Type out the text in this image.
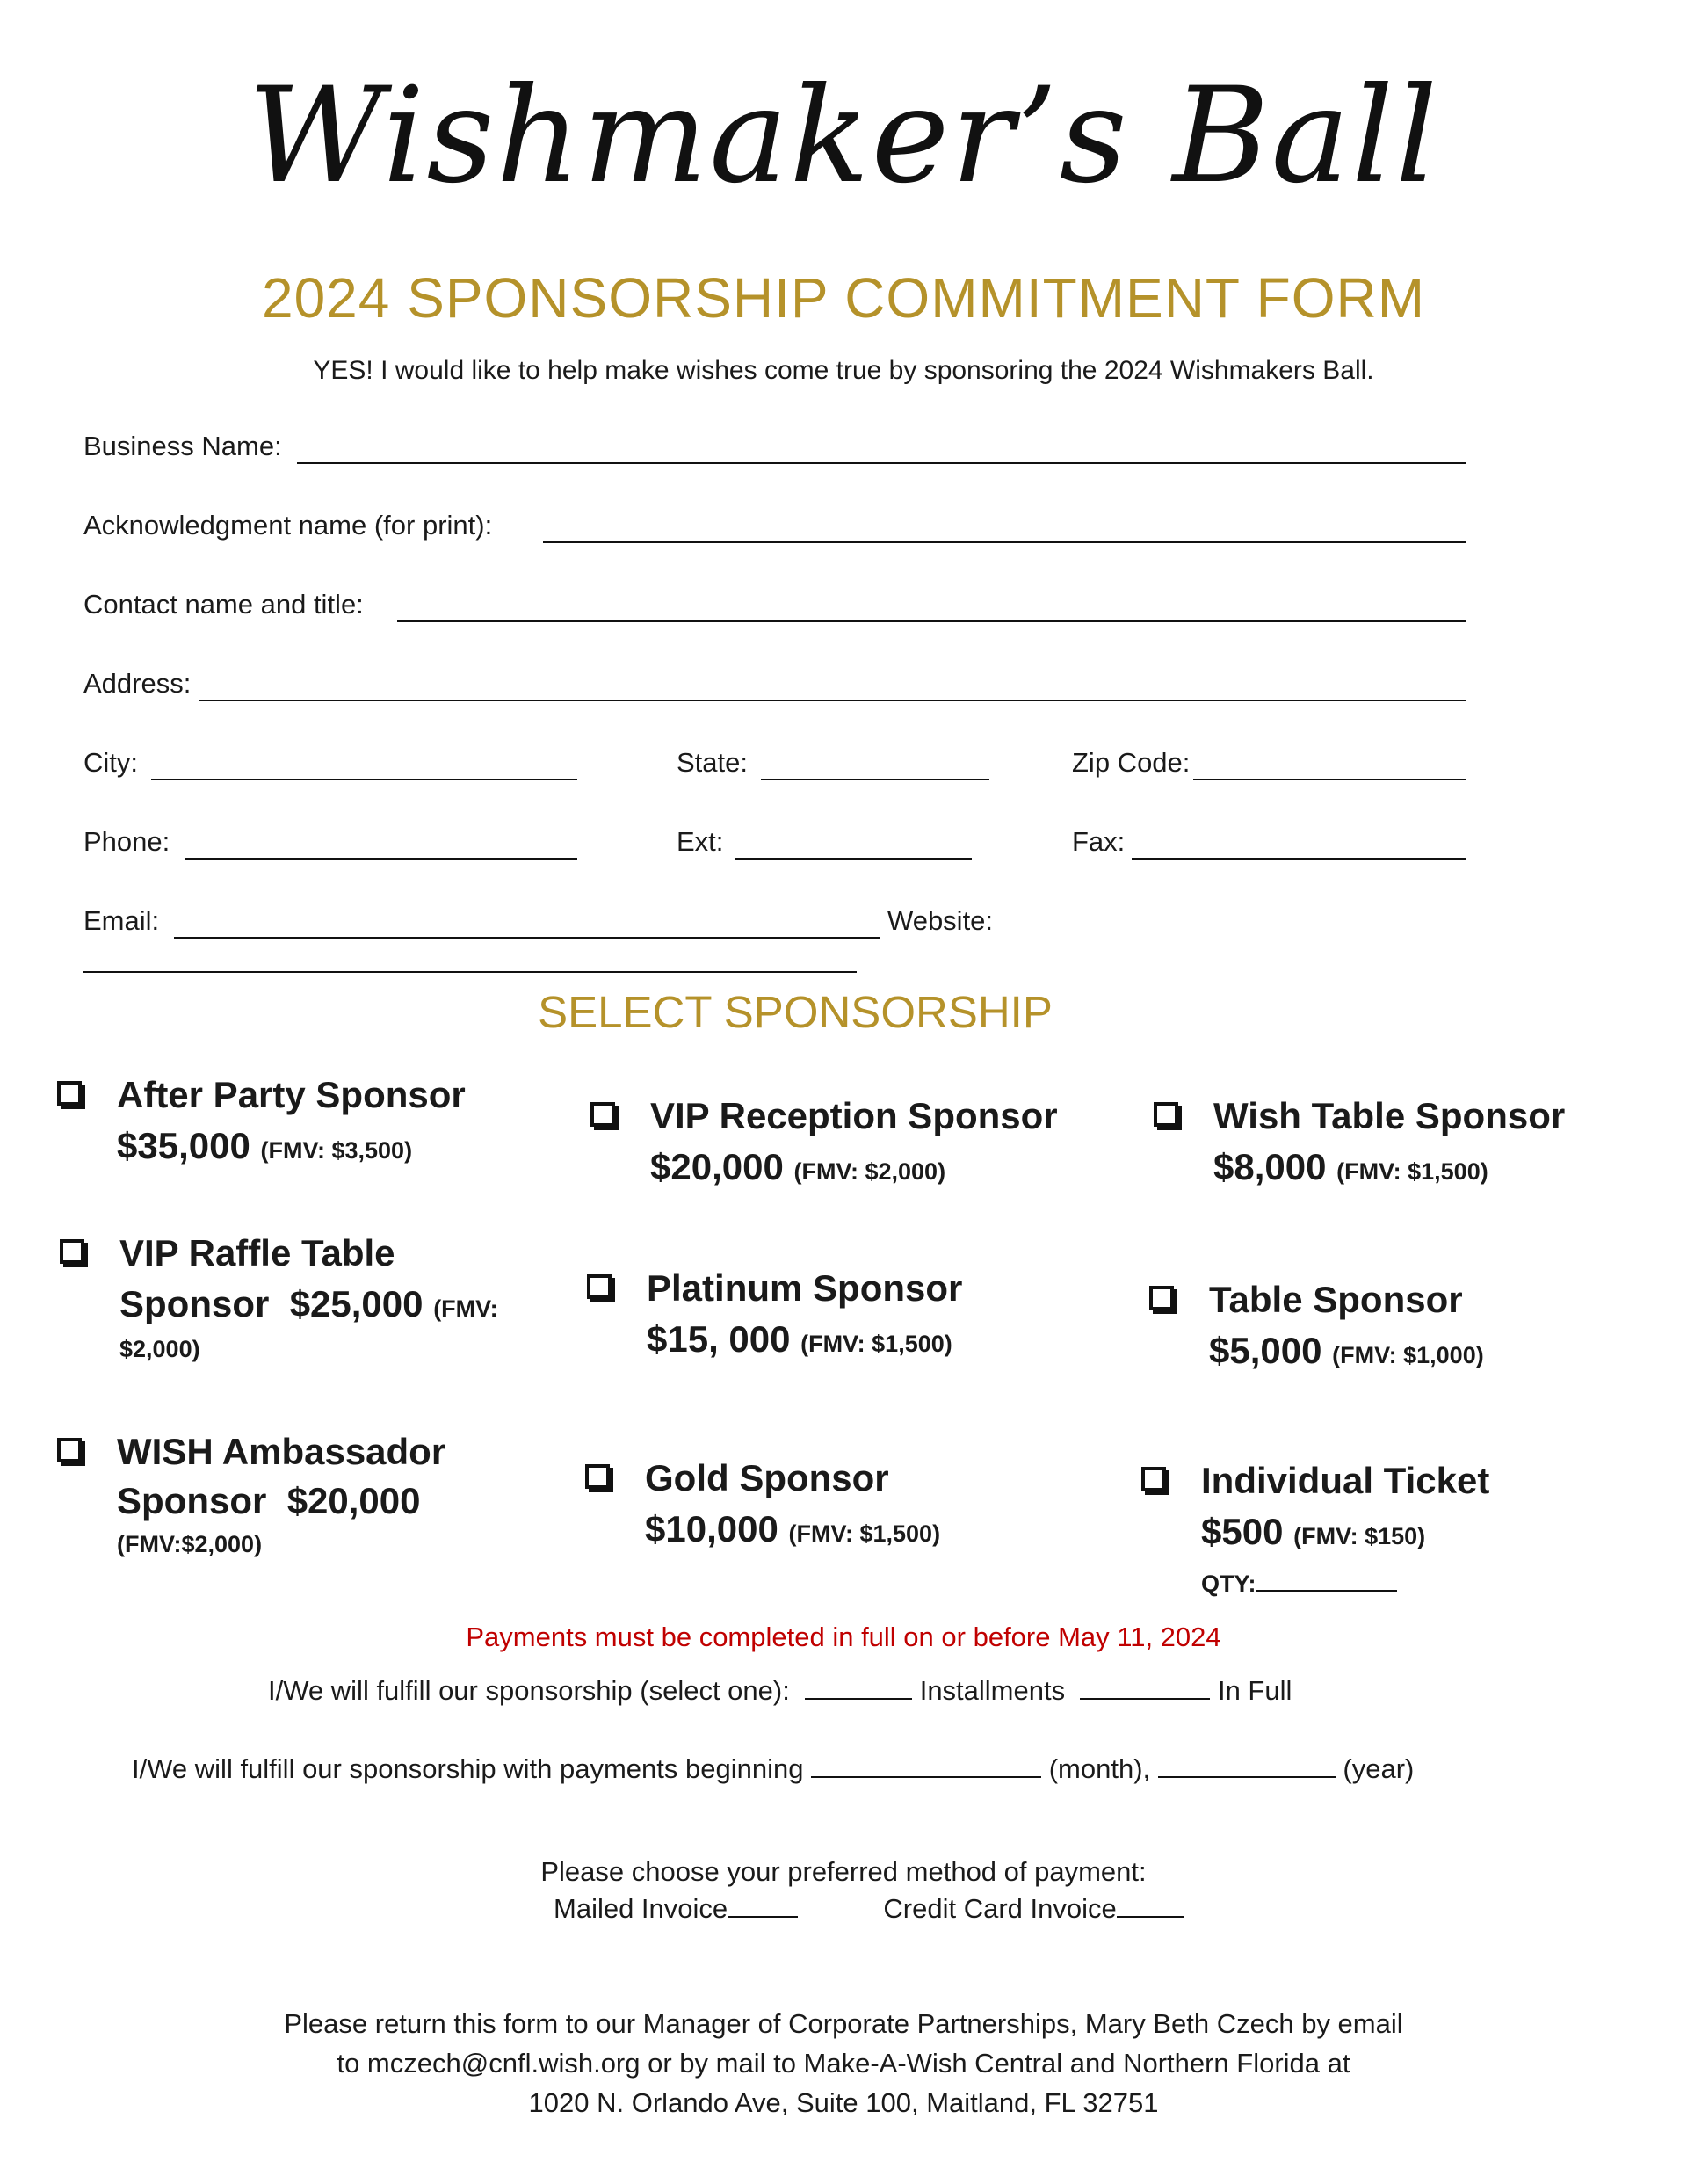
Wishmaker’s Ball
2024 SPONSORSHIP COMMITMENT FORM
YES! I would like to help make wishes come true by sponsoring the 2024 Wishmakers Ball.
Business Name:
Acknowledgment name (for print):
Contact name and title:
Address:
City:	State:	Zip Code:
Phone:	Ext:	Fax:
Email:	Website:
SELECT SPONSORSHIP
After Party Sponsor
$35,000 (FMV: $3,500)
VIP Reception Sponsor
$20,000 (FMV: $2,000)
Wish Table Sponsor
$8,000 (FMV: $1,500)
VIP Raffle Table
Sponsor $25,000 (FMV:
$2,000)
Platinum Sponsor
$15, 000 (FMV: $1,500)
Table Sponsor
$5,000 (FMV: $1,000)
WISH Ambassador
Sponsor $20,000
(FMV:$2,000)
Gold Sponsor
$10,000 (FMV: $1,500)
Individual Ticket
$500 (FMV: $150)
QTY:
Payments must be completed in full on or before May 11, 2024
I/We will fulfill our sponsorship (select one):	Installments	In Full
I/We will fulfill our sponsorship with payments beginning	(month),	(year)
Please choose your preferred method of payment:
Mailed Invoice	Credit Card Invoice
Please return this form to our Manager of Corporate Partnerships, Mary Beth Czech by email
to mczech@cnfl.wish.org or by mail to Make-A-Wish Central and Northern Florida at
1020 N. Orlando Ave, Suite 100, Maitland, FL 32751
